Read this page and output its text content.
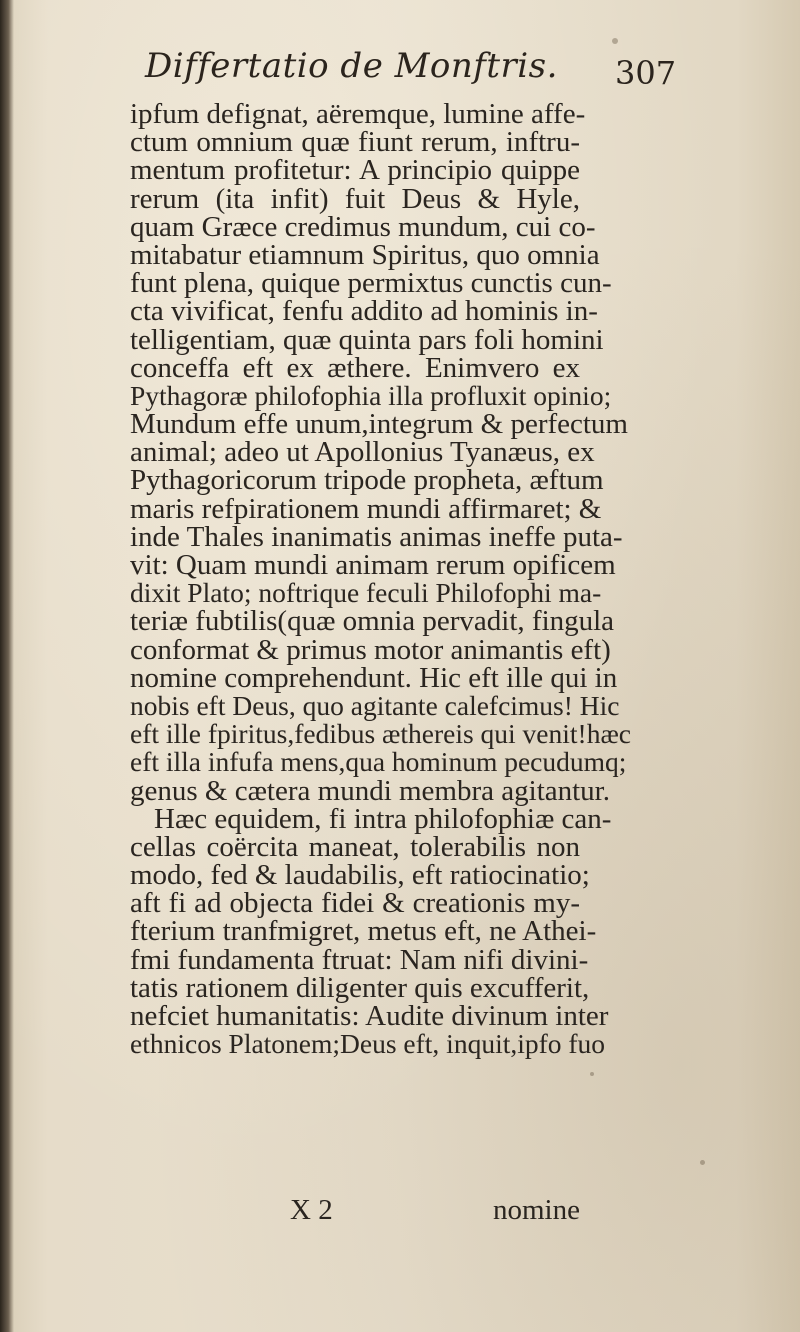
Differtatio de Monftris. 307
ipfum defignat, aëremque, lumine affe-
ctum omnium quæ fiunt rerum, inftru-
mentum profitetur: A principio quippe
rerum (ita infit) fuit Deus & Hyle,
quam Græce credimus mundum, cui co-
mitabatur etiamnum Spiritus, quo omnia
funt plena, quique permixtus cunctis cun-
cta vivificat, fenfu addito ad hominis in-
telligentiam, quæ quinta pars foli homini
conceffa eft ex æthere. Enimvero ex
Pythagoræ philofophia illa profluxit opinio;
Mundum effe unum,integrum & perfectum
animal; adeo ut Apollonius Tyanæus, ex
Pythagoricorum tripode propheta, æftum
maris refpirationem mundi affirmaret; &
inde Thales inanimatis animas ineffe puta-
vit: Quam mundi animam rerum opificem
dixit Plato; noftrique feculi Philofophi ma-
teriæ fubtilis(quæ omnia pervadit, fingula
conformat & primus motor animantis eft)
nomine comprehendunt. Hic eft ille qui in
nobis eft Deus, quo agitante calefcimus! Hic
eft ille fpiritus,fedibus æthereis qui venit!hæc
eft illa infufa mens,qua hominum pecudumq;
genus & cætera mundi membra agitantur.
Hæc equidem, fi intra philofophiæ can-
cellas coërcita maneat, tolerabilis non
modo, fed & laudabilis, eft ratiocinatio;
aft fi ad objecta fidei & creationis my-
fterium tranfmigret, metus eft, ne Athei-
fmi fundamenta ftruat: Nam nifi divini-
tatis rationem diligenter quis excufferit,
nefciet humanitatis: Audite divinum inter
ethnicos Platonem;Deus eft, inquit,ipfo fuo
X 2	nomine
